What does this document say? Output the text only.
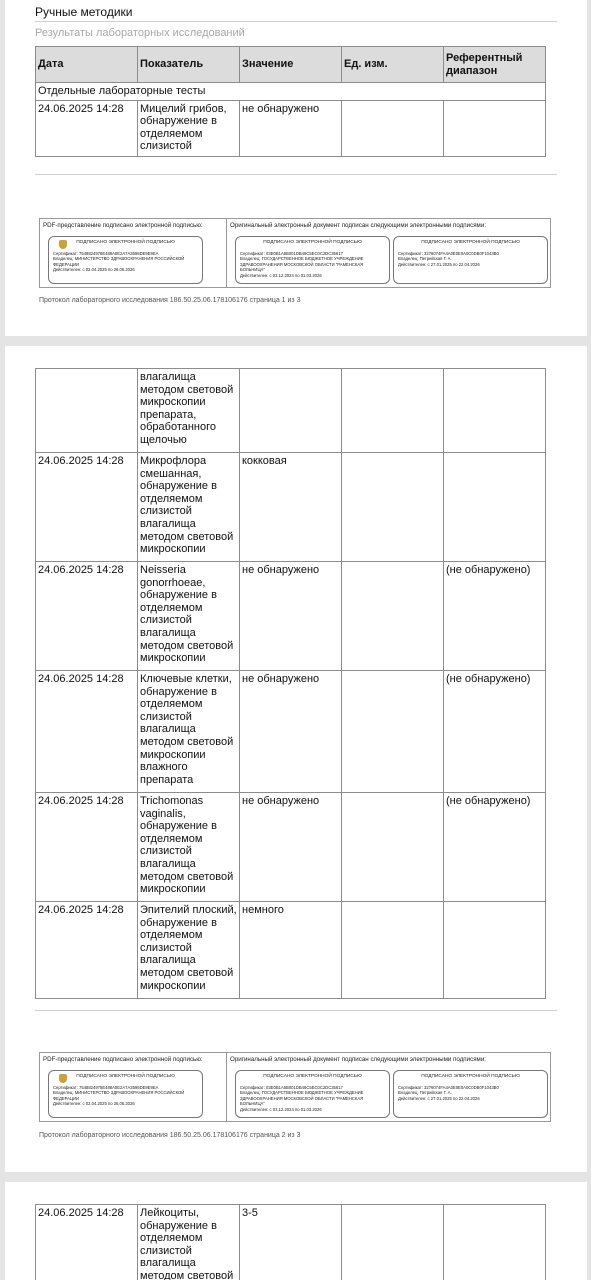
Ручные методики
Результаты лабораторных исследований
Дата	Показатель	Значение	Ед. изм.	Референтный диапазон
Отдельные лабораторные тесты				
24.06.2025 14:28	Мицелий грибов, обнаружение в отделяемом слизистой	не обнаружено		
PDF-представление подписано электронной подписью:	Оригинальный электронный документ подписан следующими электронными подписями:
ПОДПИСАНО ЭЛЕКТРОННОЙ ПОДПИСЬЮ
Сертификат: 7548824978E488A0E2A7A3598DE9E9EA
Владелец: МИНИСТЕРСТВО ЗДРАВООХРАНЕНИЯ РОССИЙСКОЙ ФЕДЕРАЦИИ
Действителен: с 02.04.2025 по 26.06.2026
ПОДПИСАНО ЭЛЕКТРОННОЙ ПОДПИСЬЮ
Сертификат: 03E0B1A5B001DB46C5EC0C2DC35617
Владелец: ГОСУДАРСТВЕННОЕ БЮДЖЕТНОЕ УЧРЕЖДЕНИЕ ЗДРАВООХРАНЕНИЯ МОСКОВСКОЙ ОБЛАСТИ "РАМЕНСКАЯ БОЛЬНИЦА"
Действителен: с 03.12.2024 по 01.03.2026
ПОДПИСАНО ЭЛЕКТРОННОЙ ПОДПИСЬЮ
Сертификат: 3276074FA4A0E0E0A0C0DB0F1043B0
Владелец: Петрийская Г. А.
Действителен: с 27.01.2025 по 22.04.2026
Протокол лабораторного исследования 186.50.25.06.178106176 страница 1 из 3
	влагалища методом световой микроскопии препарата, обработанного щелочью			
24.06.2025 14:28	Микрофлора смешанная, обнаружение в отделяемом слизистой влагалища методом световой микроскопии	кокковая		
24.06.2025 14:28	Neisseria gonorrhoeae, обнаружение в отделяемом слизистой влагалища методом световой микроскопии	не обнаружено		(не обнаружено)
24.06.2025 14:28	Ключевые клетки, обнаружение в отделяемом слизистой влагалища методом световой микроскопии влажного препарата	не обнаружено		(не обнаружено)
24.06.2025 14:28	Trichomonas vaginalis, обнаружение в отделяемом слизистой влагалища методом световой микроскопии	не обнаружено		(не обнаружено)
24.06.2025 14:28	Эпителий плоский, обнаружение в отделяемом слизистой влагалища методом световой микроскопии	немного		
PDF-представление подписано электронной подписью:	Оригинальный электронный документ подписан следующими электронными подписями:
ПОДПИСАНО ЭЛЕКТРОННОЙ ПОДПИСЬЮ
Сертификат: 7548824978E488A0E2A7A3598DE9E9EA
Владелец: МИНИСТЕРСТВО ЗДРАВООХРАНЕНИЯ РОССИЙСКОЙ ФЕДЕРАЦИИ
Действителен: с 02.04.2025 по 26.06.2026
ПОДПИСАНО ЭЛЕКТРОННОЙ ПОДПИСЬЮ
Сертификат: 03E0B1A5B001DB46C5EC0C2DC35617
Владелец: ГОСУДАРСТВЕННОЕ БЮДЖЕТНОЕ УЧРЕЖДЕНИЕ ЗДРАВООХРАНЕНИЯ МОСКОВСКОЙ ОБЛАСТИ "РАМЕНСКАЯ БОЛЬНИЦА"
Действителен: с 03.12.2024 по 01.03.2026
ПОДПИСАНО ЭЛЕКТРОННОЙ ПОДПИСЬЮ
Сертификат: 3276074FA4A0E0E0A0C0DB0F1043B0
Владелец: Петрийская Г. А.
Действителен: с 27.01.2025 по 22.04.2026
Протокол лабораторного исследования 186.50.25.06.178106176 страница 2 из 3
24.06.2025 14:28	Лейкоциты, обнаружение в отделяемом слизистой влагалища методом световой	3-5		
